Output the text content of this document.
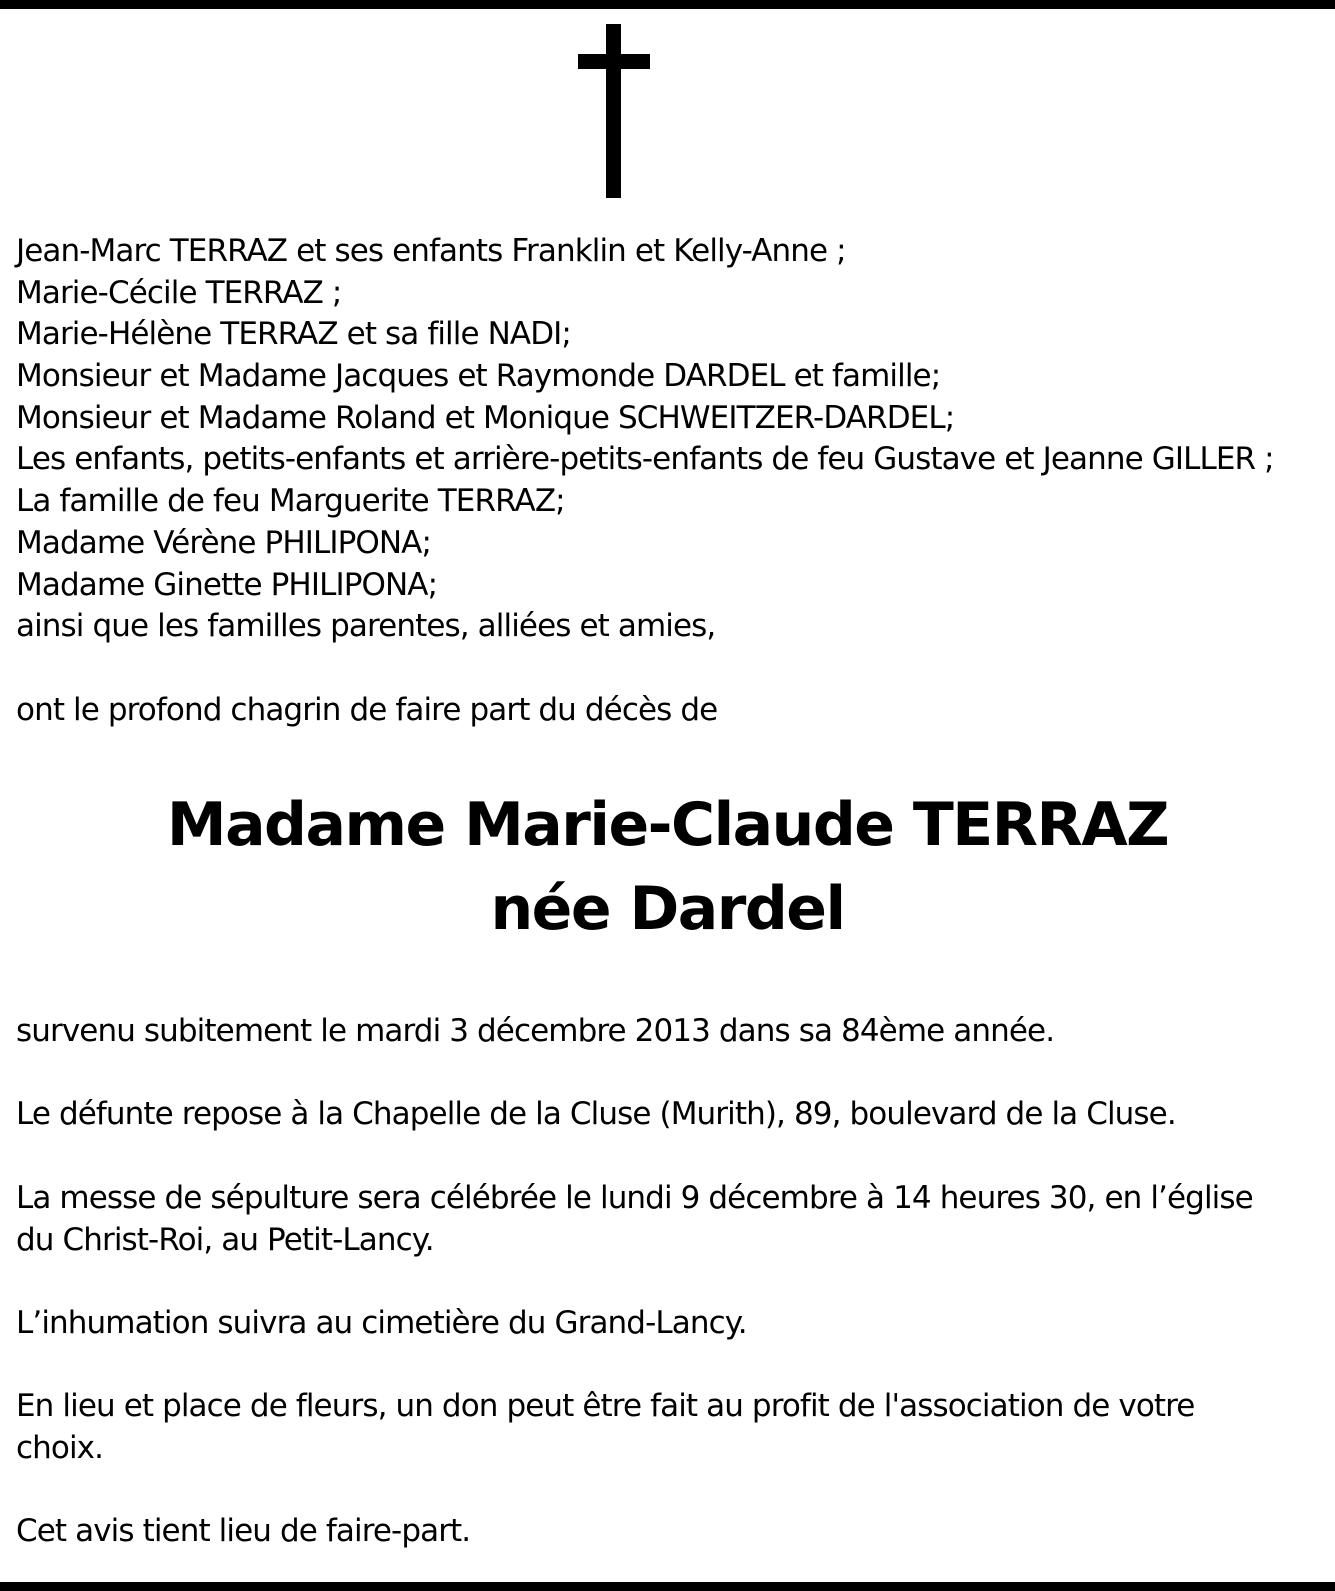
Jean-Marc TERRAZ et ses enfants Franklin et Kelly-Anne ;
Marie-Cécile TERRAZ ;
Marie-Hélène TERRAZ et sa fille NADI;
Monsieur et Madame Jacques et Raymonde DARDEL et famille;
Monsieur et Madame Roland et Monique SCHWEITZER-DARDEL;
Les enfants, petits-enfants et arrière-petits-enfants de feu Gustave et Jeanne GILLER ;
La famille de feu Marguerite TERRAZ;
Madame Vérène PHILIPONA;
Madame Ginette PHILIPONA;
ainsi que les familles parentes, alliées et amies,
ont le profond chagrin de faire part du décès de
Madame Marie-Claude TERRAZ
née Dardel
survenu subitement le mardi 3 décembre 2013 dans sa 84ème année.
Le défunte repose à la Chapelle de la Cluse (Murith), 89, boulevard de la Cluse.
La messe de sépulture sera célébrée le lundi 9 décembre à 14 heures 30, en l’église
du Christ-Roi, au Petit-Lancy.
L’inhumation suivra au cimetière du Grand-Lancy.
En lieu et place de fleurs, un don peut être fait au profit de l'association de votre
choix.
Cet avis tient lieu de faire-part.
